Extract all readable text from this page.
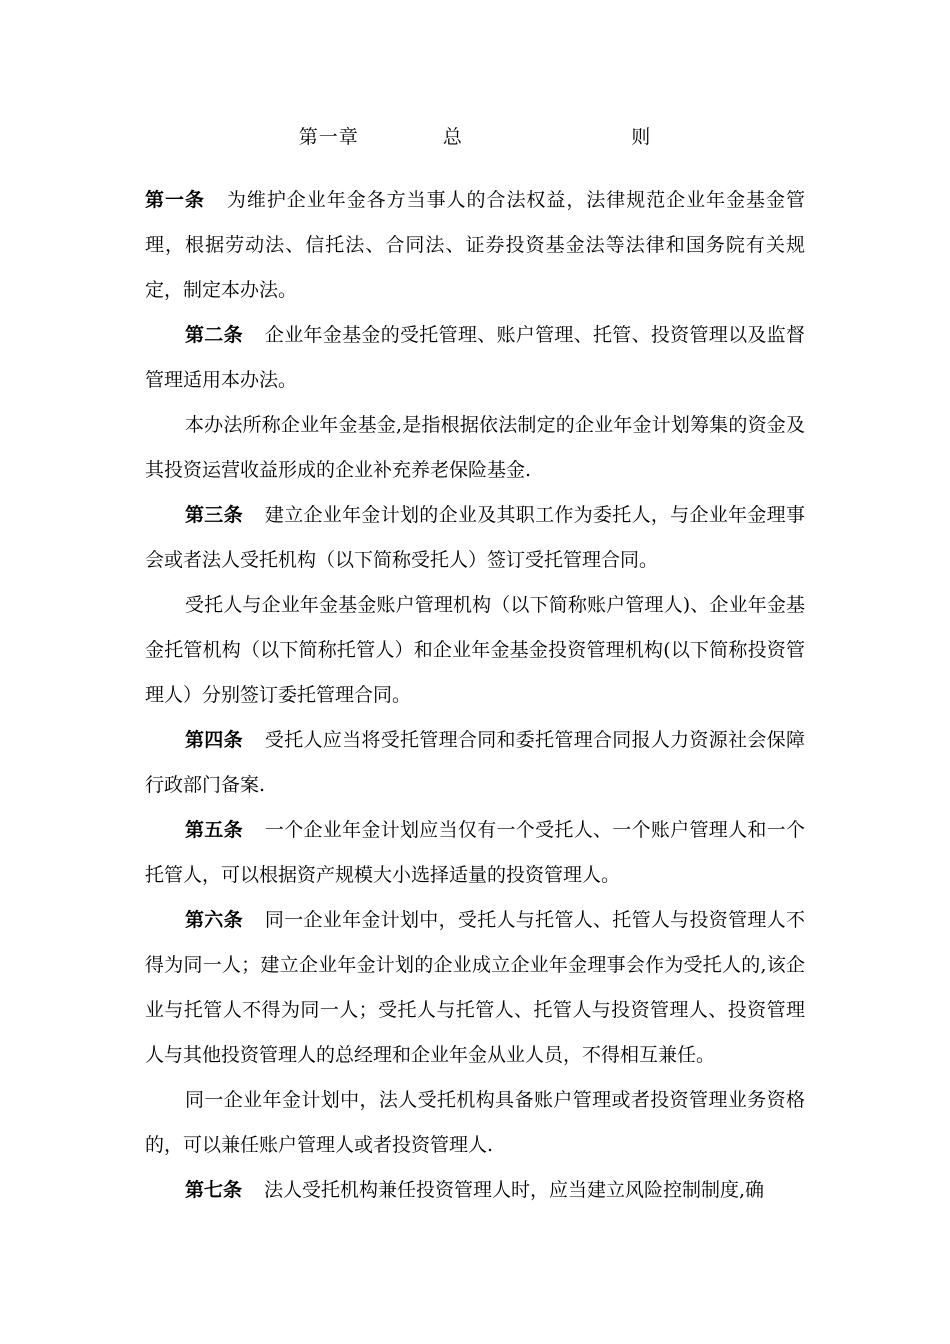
第一章    总        则

第一条 为维护企业年金各方当事人的合法权益，法律规范企业年金基金管理，根据劳动法、信托法、合同法、证券投资基金法等法律和国务院有关规定，制定本办法。

第二条 企业年金基金的受托管理、账户管理、托管、投资管理以及监督管理适用本办法。

本办法所称企业年金基金,是指根据依法制定的企业年金计划筹集的资金及其投资运营收益形成的企业补充养老保险基金.

第三条 建立企业年金计划的企业及其职工作为委托人，与企业年金理事会或者法人受托机构（以下简称受托人）签订受托管理合同。

受托人与企业年金基金账户管理机构（以下简称账户管理人)、企业年金基金托管机构（以下简称托管人）和企业年金基金投资管理机构(以下简称投资管理人）分别签订委托管理合同。

第四条 受托人应当将受托管理合同和委托管理合同报人力资源社会保障行政部门备案.

第五条 一个企业年金计划应当仅有一个受托人、一个账户管理人和一个托管人，可以根据资产规模大小选择适量的投资管理人。

第六条 同一企业年金计划中，受托人与托管人、托管人与投资管理人不得为同一人；建立企业年金计划的企业成立企业年金理事会作为受托人的,该企业与托管人不得为同一人；受托人与托管人、托管人与投资管理人、投资管理人与其他投资管理人的总经理和企业年金从业人员，不得相互兼任。

同一企业年金计划中，法人受托机构具备账户管理或者投资管理业务资格的，可以兼任账户管理人或者投资管理人.

第七条 法人受托机构兼任投资管理人时，应当建立风险控制制度,确
